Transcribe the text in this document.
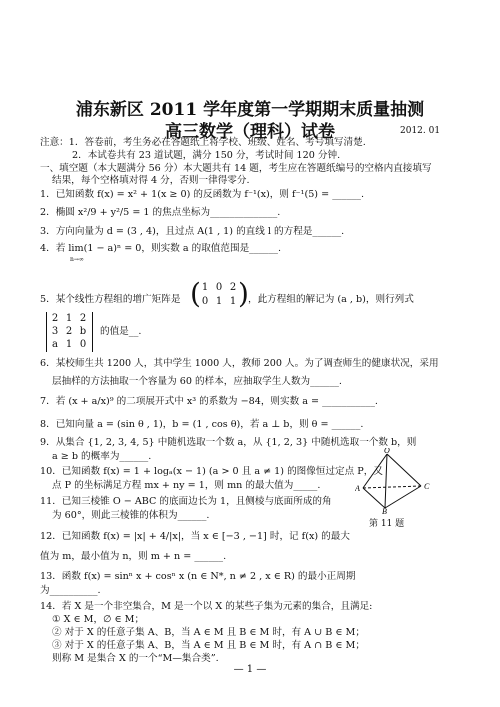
浦东新区 2011 学年度第一学期期末质量抽测
高三数学（理科）试卷	2012. 01
注意：1．答卷前，考生务必在答题纸上将学校、班级、姓名、考号填写清楚.
2．本试卷共有 23 道试题，满分 150 分，考试时间 120 分钟.
一、填空题（本大题满分 56 分）本大题共有 14 题，考生应在答题纸编号的空格内直接填写
结果，每个空格填对得 4 分，否则一律得零分.
1．已知函数 f(x) = x² + 1(x ≥ 0) 的反函数为 f⁻¹(x)，则 f⁻¹(5) = ______.
2．椭圆 x²/9 + y²/5 = 1 的焦点坐标为______________.
3．方向向量为 d = (3 , 4)，且过点 A(1 , 1) 的直线 l 的方程是______.
4．若 lim(1 − a)ⁿ = 0，则实数 a 的取值范围是______.
n→∞
5．某个线性方程组的增广矩阵是 ( 1 0 2
0 1 1 ) ，此方程组的解记为 (a , b)，则行列式
2 1 2
3 2 b
a 1 0
的值是__.
6．某校师生共 1200 人，其中学生 1000 人，教师 200 人。为了调查师生的健康状况，采用
层抽样的方法抽取一个容量为 60 的样本，应抽取学生人数为______.
7．若 (x + a/x)⁹ 的二项展开式中 x³ 的系数为 −84，则实数 a = ___________.
8．已知向量 a = (sin θ , 1)，b = (1 , cos θ)，若 a ⊥ b，则 θ = ______.
9．从集合 {1, 2, 3, 4, 5} 中随机选取一个数 a，从 {1, 2, 3} 中随机选取一个数 b，则
a ≥ b 的概率为______.
10．已知函数 f(x) = 1 + logₐ(x − 1) (a > 0 且 a ≠ 1) 的图像恒过定点 P，又
点 P 的坐标满足方程 mx + ny = 1，则 mn 的最大值为_____.
11．已知三棱锥 O − ABC 的底面边长为 1，且侧棱与底面所成的角
为 60°，则此三棱锥的体积为______.
12．已知函数 f(x) = |x| + 4/|x|，当 x ∈ [−3 , −1] 时，记 f(x) 的最大
值为 m，最小值为 n，则 m + n = ______.
13．函数 f(x) = sinⁿ x + cosⁿ x (n ∈ N*, n ≠ 2 , x ∈ R) 的最小正周期
为__________.
14．若 X 是一个非空集合，M 是一个以 X 的某些子集为元素的集合，且满足:
① X ∈ M，∅ ∈ M；
② 对于 X 的任意子集 A、B，当 A ∈ M 且 B ∈ M 时，有 A ∪ B ∈ M；
③ 对于 X 的任意子集 A、B，当 A ∈ M 且 B ∈ M 时，有 A ∩ B ∈ M；
则称 M 是集合 X 的一个“M—集合类”.
O
A
B
C
第 11 题
— 1 —
